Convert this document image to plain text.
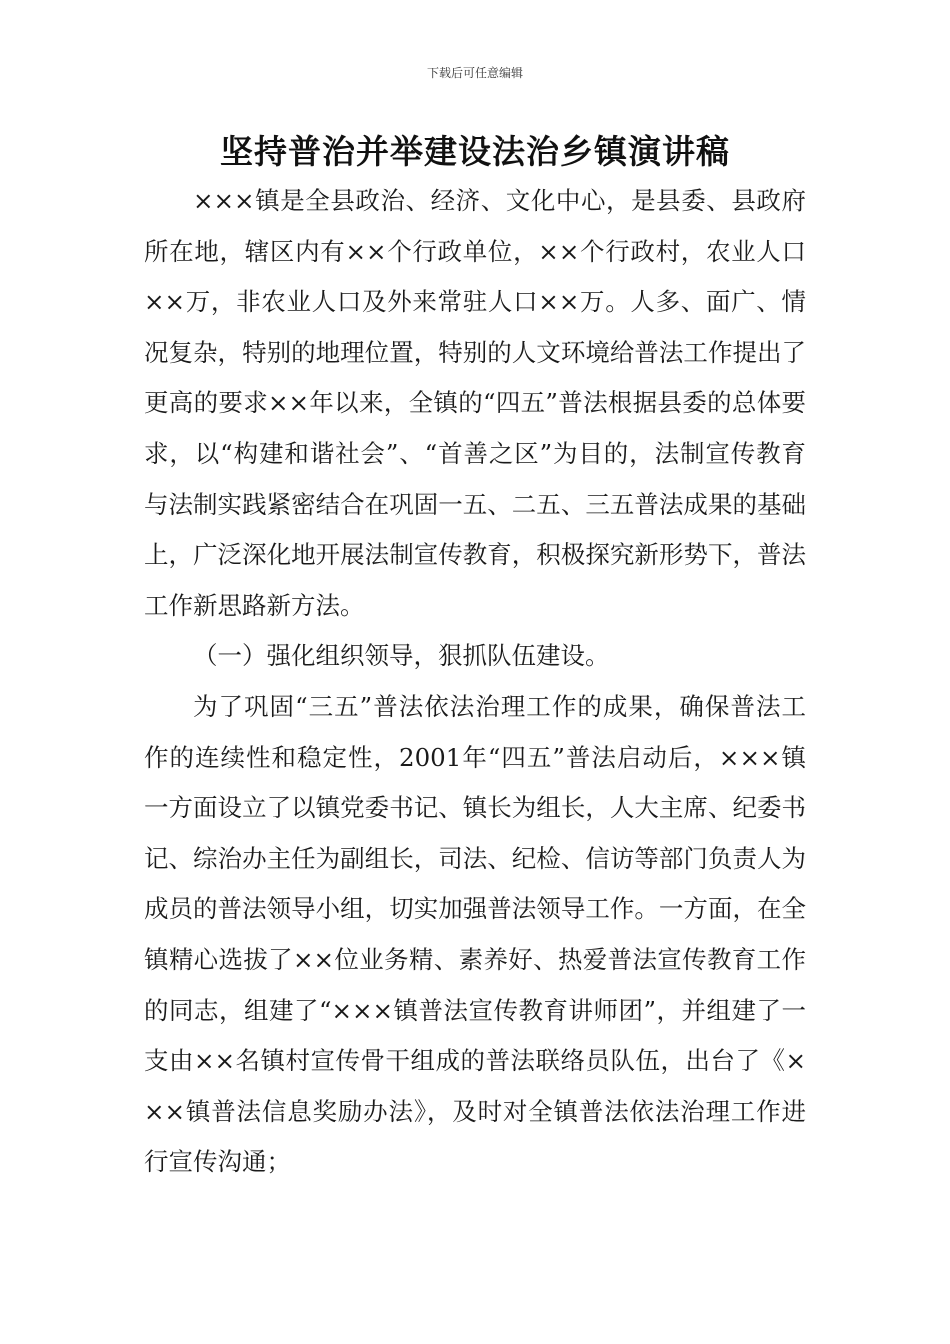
下载后可任意编辑
坚持普治并举建设法治乡镇演讲稿

×××镇是全县政治、经济、文化中心，是县委、县政府所在地，辖区内有××个行政单位，××个行政村，农业人口××万，非农业人口及外来常驻人口××万。人多、面广、情况复杂，特别的地理位置，特别的人文环境给普法工作提出了更高的要求××年以来，全镇的“四五”普法根据县委的总体要求，以“构建和谐社会”、“首善之区”为目的，法制宣传教育与法制实践紧密结合在巩固一五、二五、三五普法成果的基础上，广泛深化地开展法制宣传教育，积极探究新形势下，普法工作新思路新方法。

（一）强化组织领导，狠抓队伍建设。

为了巩固“三五”普法依法治理工作的成果，确保普法工作的连续性和稳定性，2001年“四五”普法启动后，×××镇一方面设立了以镇党委书记、镇长为组长，人大主席、纪委书记、综治办主任为副组长，司法、纪检、信访等部门负责人为成员的普法领导小组，切实加强普法领导工作。一方面，在全镇精心选拔了××位业务精、素养好、热爱普法宣传教育工作的同志，组建了“×××镇普法宣传教育讲师团”，并组建了一支由××名镇村宣传骨干组成的普法联络员队伍，出台了《×××镇普法信息奖励办法》，及时对全镇普法依法治理工作进行宣传沟通；
